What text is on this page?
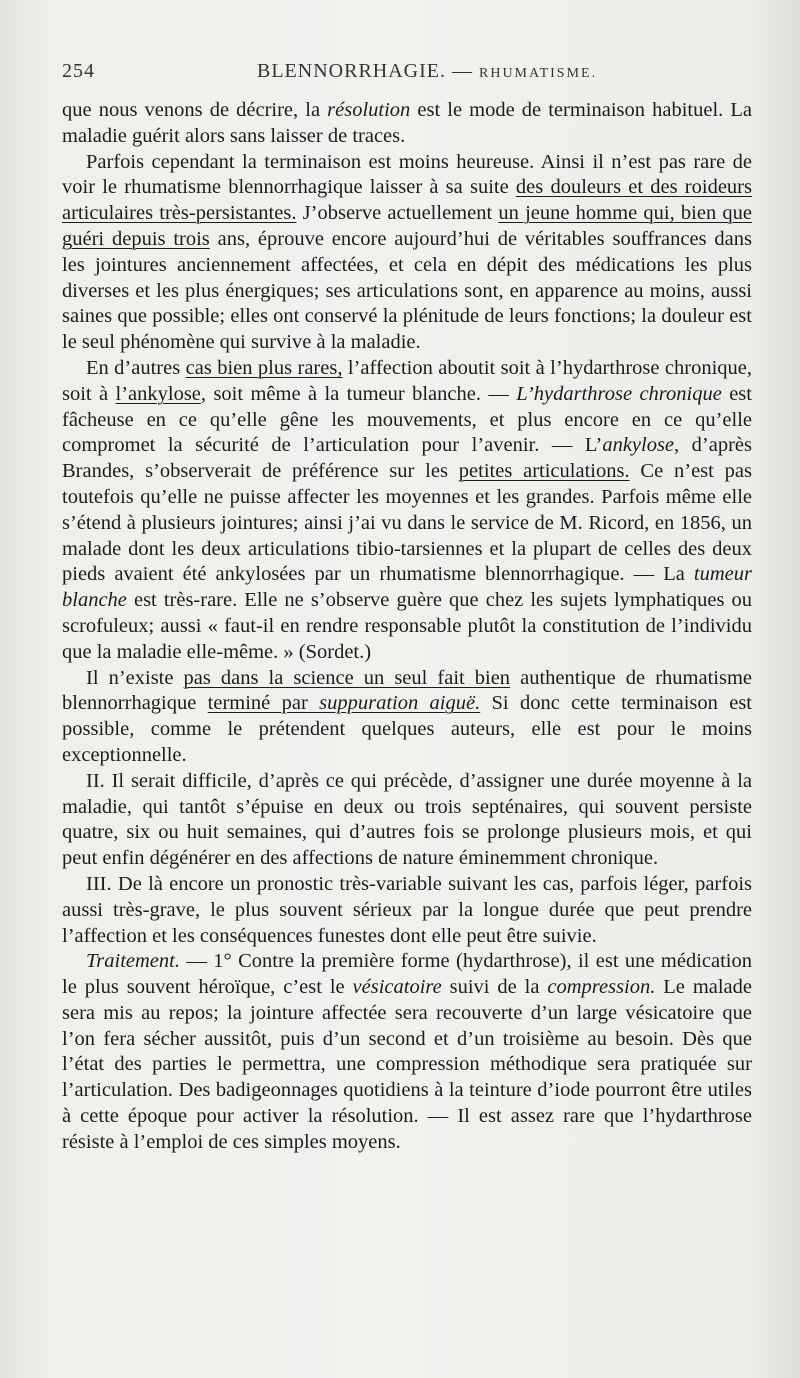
254	BLENNORRHAGIE. — RHUMATISME.

que nous venons de décrire, la résolution est le mode de terminaison habituel. La maladie guérit alors sans laisser de traces.

Parfois cependant la terminaison est moins heureuse. Ainsi il n’est pas rare de voir le rhumatisme blennorrhagique laisser à sa suite des douleurs et des roideurs articulaires très-persistantes. J’observe actuellement un jeune homme qui, bien que guéri depuis trois ans, éprouve encore aujourd’hui de véritables souffrances dans les jointures anciennement affectées, et cela en dépit des médications les plus diverses et les plus énergiques; ses articulations sont, en apparence au moins, aussi saines que possible; elles ont conservé la plénitude de leurs fonctions; la douleur est le seul phénomène qui survive à la maladie.

En d’autres cas bien plus rares, l’affection aboutit soit à l’hydarthrose chronique, soit à l’ankylose, soit même à la tumeur blanche. — L’hydarthrose chronique est fâcheuse en ce qu’elle gêne les mouvements, et plus encore en ce qu’elle compromet la sécurité de l’articulation pour l’avenir. — L’ankylose, d’après Brandes, s’observerait de préférence sur les petites articulations. Ce n’est pas toutefois qu’elle ne puisse affecter les moyennes et les grandes. Parfois même elle s’étend à plusieurs jointures; ainsi j’ai vu dans le service de M. Ricord, en 1856, un malade dont les deux articulations tibio-tarsiennes et la plupart de celles des deux pieds avaient été ankylosées par un rhumatisme blennorrhagique. — La tumeur blanche est très-rare. Elle ne s’observe guère que chez les sujets lymphatiques ou scrofuleux; aussi « faut-il en rendre responsable plutôt la constitution de l’individu que la maladie elle-même. » (Sordet.)

Il n’existe pas dans la science un seul fait bien authentique de rhumatisme blennorrhagique terminé par suppuration aiguë. Si donc cette terminaison est possible, comme le prétendent quelques auteurs, elle est pour le moins exceptionnelle.

II. Il serait difficile, d’après ce qui précède, d’assigner une durée moyenne à la maladie, qui tantôt s’épuise en deux ou trois septénaires, qui souvent persiste quatre, six ou huit semaines, qui d’autres fois se prolonge plusieurs mois, et qui peut enfin dégénérer en des affections de nature éminemment chronique.

III. De là encore un pronostic très-variable suivant les cas, parfois léger, parfois aussi très-grave, le plus souvent sérieux par la longue durée que peut prendre l’affection et les conséquences funestes dont elle peut être suivie.

Traitement. — 1° Contre la première forme (hydarthrose), il est une médication le plus souvent héroïque, c’est le vésicatoire suivi de la compression. Le malade sera mis au repos; la jointure affectée sera recouverte d’un large vésicatoire que l’on fera sécher aussitôt, puis d’un second et d’un troisième au besoin. Dès que l’état des parties le permettra, une compression méthodique sera pratiquée sur l’articulation. Des badigeonnages quotidiens à la teinture d’iode pourront être utiles à cette époque pour activer la résolution. — Il est assez rare que l’hydarthrose résiste à l’emploi de ces simples moyens.
